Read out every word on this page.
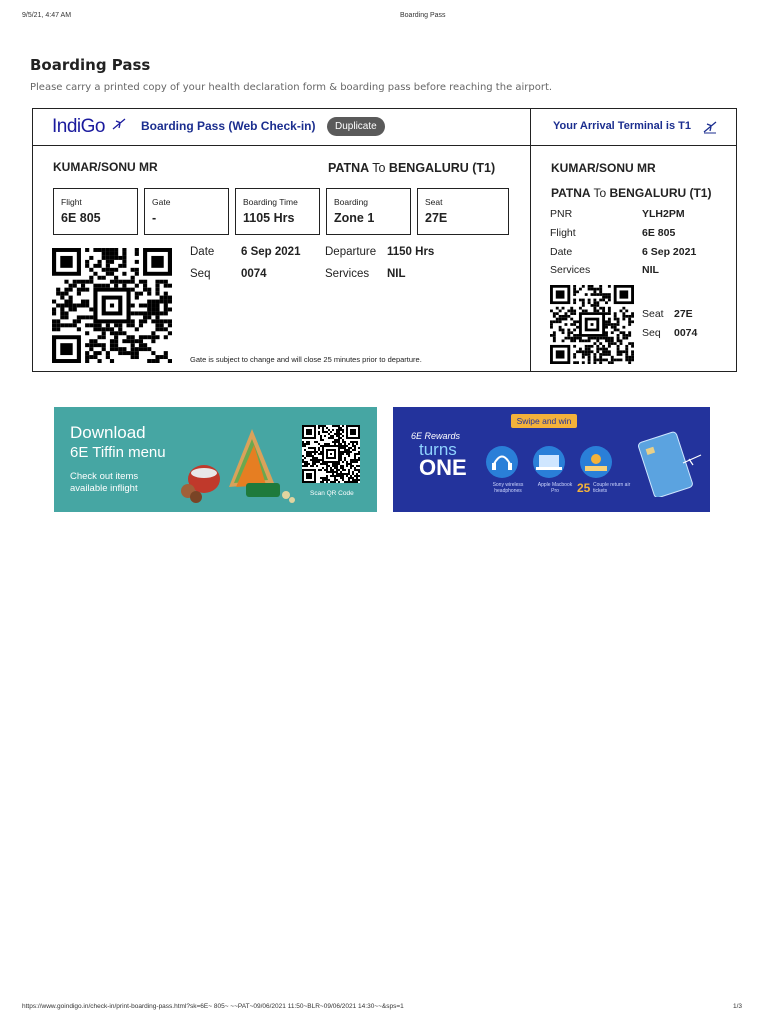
9/5/21, 4:47 AM	Boarding Pass
Boarding Pass
Please carry a printed copy of your health declaration form & boarding pass before reaching the airport.
IndiGo	Boarding Pass (Web Check-in)	Duplicate	Your Arrival Terminal is T1
KUMAR/SONU MR	PATNA To BENGALURU (T1)
Flight
6E 805
Gate
-
Boarding Time
1105 Hrs
Boarding
Zone 1
Seat
27E
Date 6 Sep 2021 Departure 1150 Hrs
Seq	0074	Services NIL
Gate is subject to change and will close 25 minutes prior to departure.
KUMAR/SONU MR
PATNA To BENGALURU (T1)
PNR	YLH2PM
Flight	6E 805
Date	6 Sep 2021
Services	NIL
Seat 27E
Seq 0074
Download
6E Tiffin menu
Check out items
available inflight	Scan QR Code
6E Rewards
turns
ONE
Swipe and win
Sony wireless headphones
Apple Macbook Pro	25 Couple return air tickets
https://www.goindigo.in/check-in/print-boarding-pass.html?sk=6E~ 805~ ~~PAT~09/06/2021 11:50~BLR~09/06/2021 14:30~~&sps=1	1/3
